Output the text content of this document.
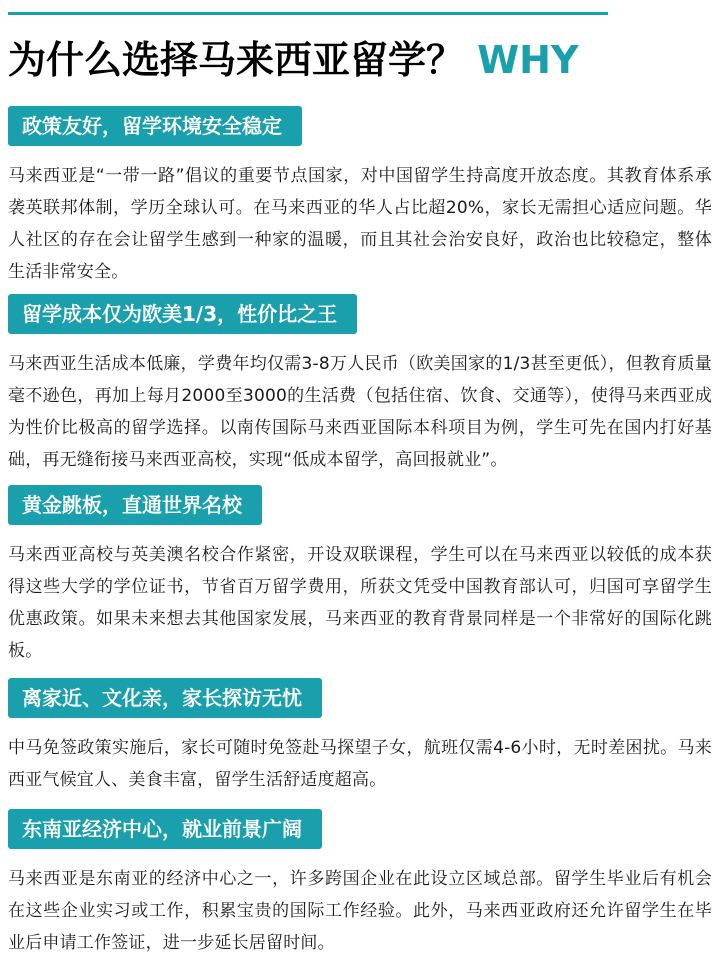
为什么选择马来西亚留学？ WHY
政策友好，留学环境安全稳定

马来西亚是“一带一路”倡议的重要节点国家，对中国留学生持高度开放态度。其教育体系承袭英联邦体制，学历全球认可。在马来西亚的华人占比超20%，家长无需担心适应问题。华人社区的存在会让留学生感到一种家的温暖，而且其社会治安良好，政治也比较稳定，整体生活非常安全。

留学成本仅为欧美1/3，性价比之王

马来西亚生活成本低廉，学费年均仅需3-8万人民币（欧美国家的1/3甚至更低），但教育质量毫不逊色，再加上每月2000至3000的生活费（包括住宿、饮食、交通等），使得马来西亚成为性价比极高的留学选择。以南传国际马来西亚国际本科项目为例，学生可先在国内打好基础，再无缝衔接马来西亚高校，实现“低成本留学，高回报就业”。

黄金跳板，直通世界名校

马来西亚高校与英美澳名校合作紧密，开设双联课程，学生可以在马来西亚以较低的成本获得这些大学的学位证书，节省百万留学费用，所获文凭受中国教育部认可，归国可享留学生优惠政策。如果未来想去其他国家发展，马来西亚的教育背景同样是一个非常好的国际化跳板。

离家近、文化亲，家长探访无忧

中马免签政策实施后，家长可随时免签赴马探望子女，航班仅需4-6小时，无时差困扰。马来西亚气候宜人、美食丰富，留学生活舒适度超高。

东南亚经济中心，就业前景广阔

马来西亚是东南亚的经济中心之一，许多跨国企业在此设立区域总部。留学生毕业后有机会在这些企业实习或工作，积累宝贵的国际工作经验。此外，马来西亚政府还允许留学生在毕业后申请工作签证，进一步延长居留时间。
